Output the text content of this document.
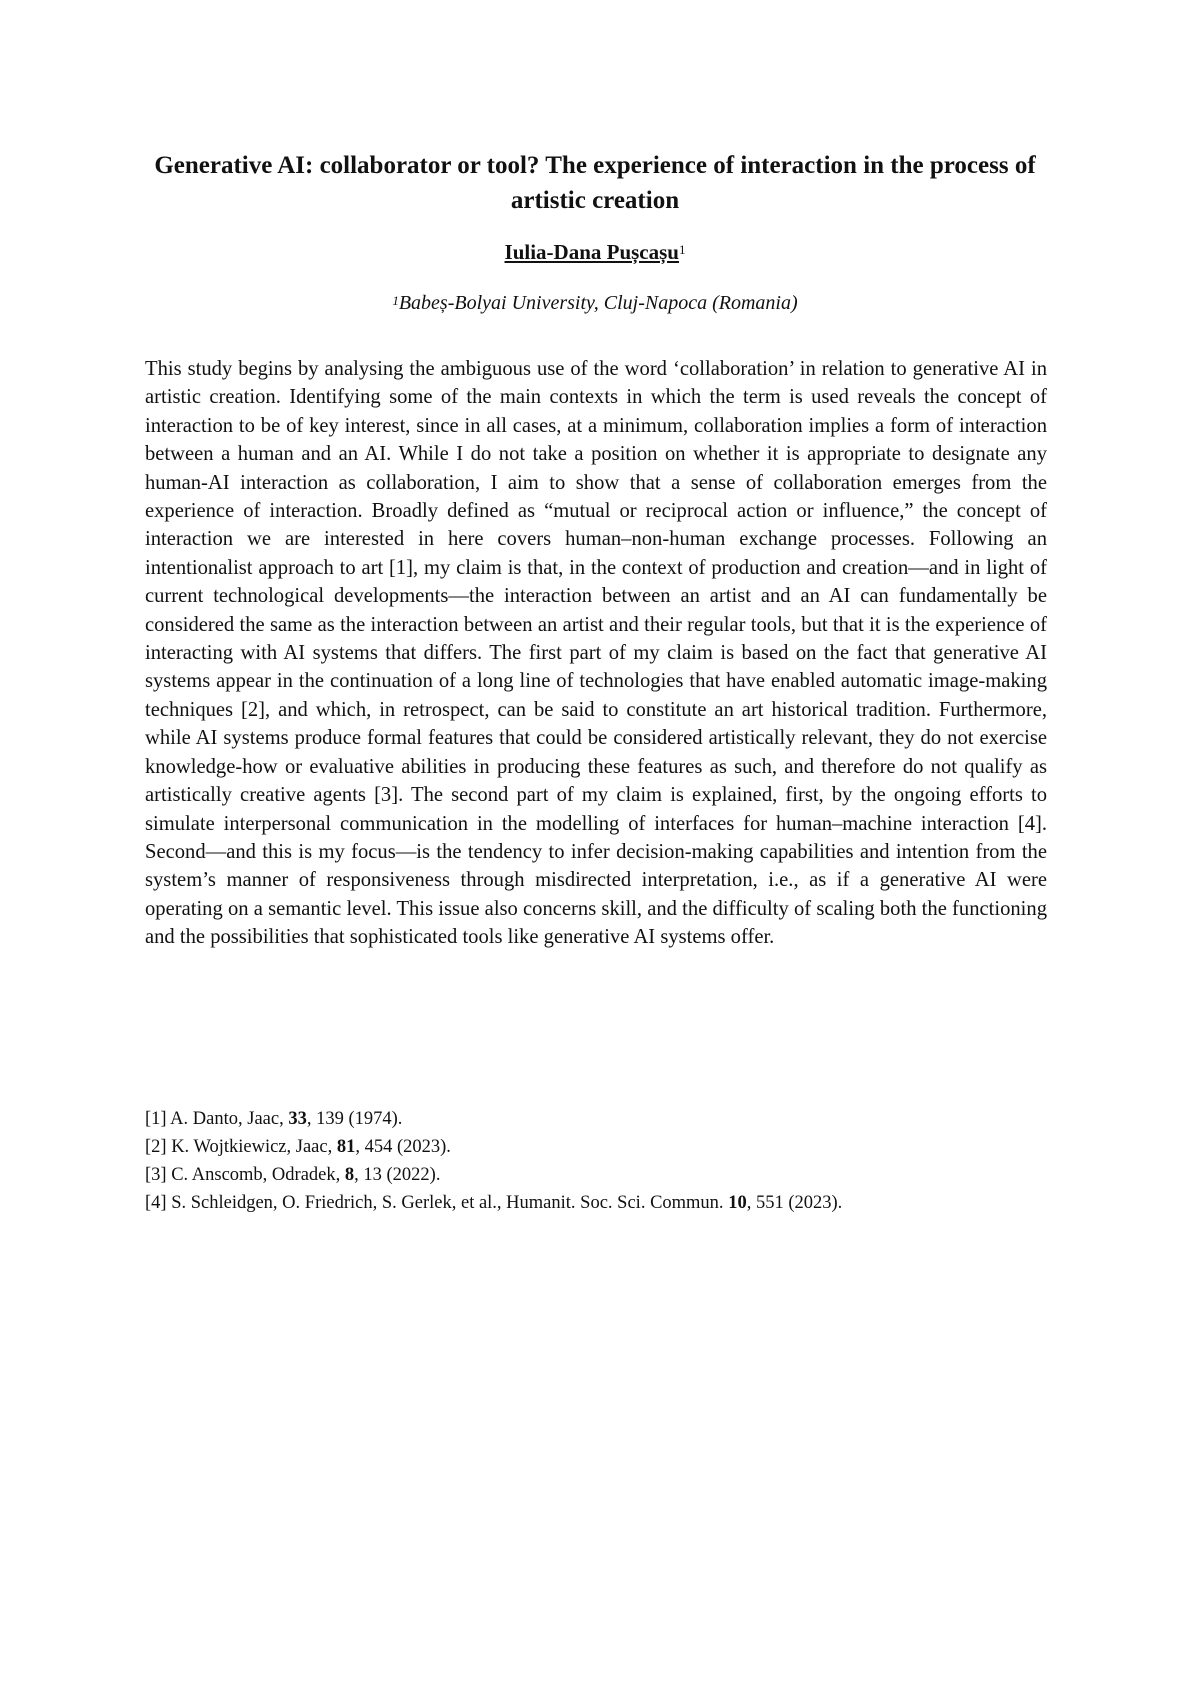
Generative AI: collaborator or tool? The experience of interaction in the process of artistic creation

Iulia-Dana Pușcașu$^1$

$^1$Babeș-Bolyai University, Cluj-Napoca (Romania)

This study begins by analysing the ambiguous use of the word ‘collaboration’ in relation to generative AI in artistic creation. Identifying some of the main contexts in which the term is used reveals the concept of interaction to be of key interest, since in all cases, at a minimum, collaboration implies a form of interaction between a human and an AI. While I do not take a position on whether it is appropriate to designate any human-AI interaction as collaboration, I aim to show that a sense of collaboration emerges from the experience of interaction. Broadly defined as “mutual or reciprocal action or influence,” the concept of interaction we are interested in here covers human–non-human exchange processes. Following an intentionalist approach to art [1], my claim is that, in the context of production and creation—and in light of current technological developments—the interaction between an artist and an AI can fundamentally be considered the same as the interaction between an artist and their regular tools, but that it is the experience of interacting with AI systems that differs. The first part of my claim is based on the fact that generative AI systems appear in the continuation of a long line of technologies that have enabled automatic image-making techniques [2], and which, in retrospect, can be said to constitute an art historical tradition. Furthermore, while AI systems produce formal features that could be considered artistically relevant, they do not exercise knowledge-how or evaluative abilities in producing these features as such, and therefore do not qualify as artistically creative agents [3]. The second part of my claim is explained, first, by the ongoing efforts to simulate interpersonal communication in the modelling of interfaces for human–machine interaction [4]. Second—and this is my focus—is the tendency to infer decision-making capabilities and intention from the system’s manner of responsiveness through misdirected interpretation, i.e., as if a generative AI were operating on a semantic level. This issue also concerns skill, and the difficulty of scaling both the functioning and the possibilities that sophisticated tools like generative AI systems offer.

[1] A. Danto, Jaac, 33, 139 (1974).
[2] K. Wojtkiewicz, Jaac, 81, 454 (2023).
[3] C. Anscomb, Odradek, 8, 13 (2022).
[4] S. Schleidgen, O. Friedrich, S. Gerlek, et al., Humanit. Soc. Sci. Commun. 10, 551 (2023).
